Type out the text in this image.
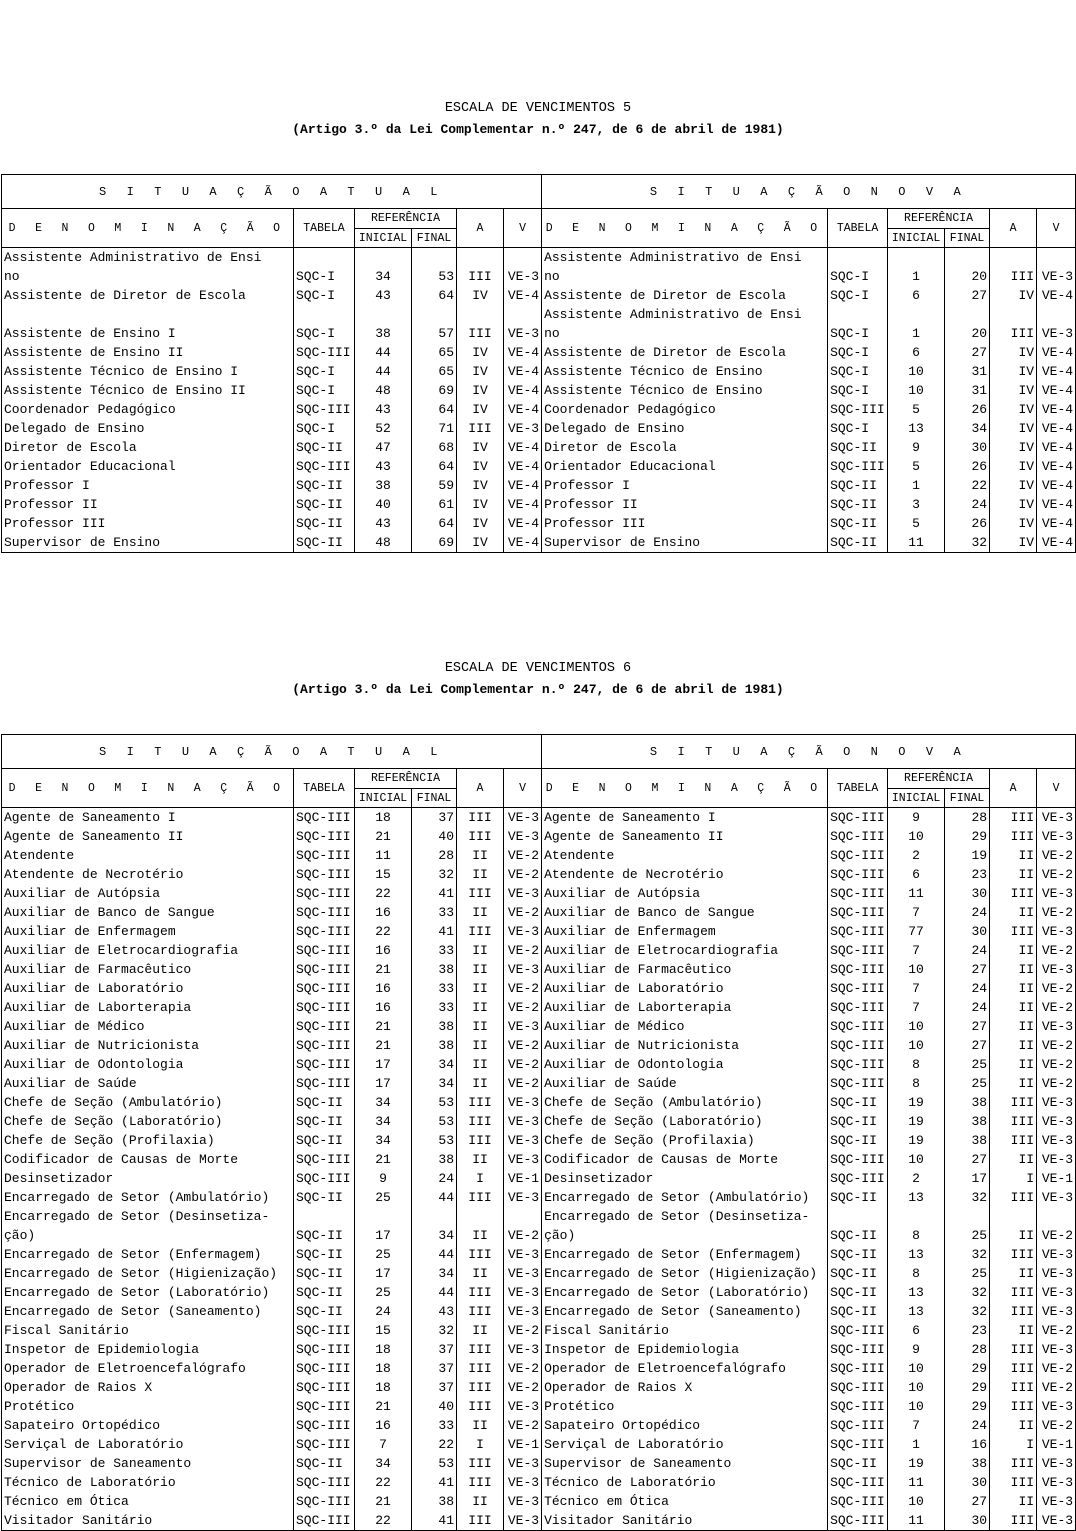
ESCALA DE VENCIMENTOS 5
(Artigo 3.º da Lei Complementar n.º 247, de 6 de abril de 1981)
S I T U A Ç Ã O A T U A L						S I T U A Ç Ã O N O V A					
D E N O M I N A Ç Ã O	TABELA	REFERÊNCIA		A	V	D E N O M I N A Ç Ã O	TABELA	REFERÊNCIA		A	V
		INICIAL	FINAL					INICIAL	FINAL		
Assistente Administrativo de Ensi						Assistente Administrativo de Ensi					
no	SQC-I	34	53	III	VE-3	no	SQC-I	1	20	III	VE-3
Assistente de Diretor de Escola	SQC-I	43	64	IV	VE-4	Assistente de Diretor de Escola	SQC-I	6	27	IV	VE-4
						Assistente Administrativo de Ensi					
Assistente de Ensino I	SQC-I	38	57	III	VE-3	no	SQC-I	1	20	III	VE-3
Assistente de Ensino II	SQC-III	44	65	IV	VE-4	Assistente de Diretor de Escola	SQC-I	6	27	IV	VE-4
Assistente Técnico de Ensino I	SQC-I	44	65	IV	VE-4	Assistente Técnico de Ensino	SQC-I	10	31	IV	VE-4
Assistente Técnico de Ensino II	SQC-I	48	69	IV	VE-4	Assistente Técnico de Ensino	SQC-I	10	31	IV	VE-4
Coordenador Pedagógico	SQC-III	43	64	IV	VE-4	Coordenador Pedagógico	SQC-III	5	26	IV	VE-4
Delegado de Ensino	SQC-I	52	71	III	VE-3	Delegado de Ensino	SQC-I	13	34	IV	VE-4
Diretor de Escola	SQC-II	47	68	IV	VE-4	Diretor de Escola	SQC-II	9	30	IV	VE-4
Orientador Educacional	SQC-III	43	64	IV	VE-4	Orientador Educacional	SQC-III	5	26	IV	VE-4
Professor I	SQC-II	38	59	IV	VE-4	Professor I	SQC-II	1	22	IV	VE-4
Professor II	SQC-II	40	61	IV	VE-4	Professor II	SQC-II	3	24	IV	VE-4
Professor III	SQC-II	43	64	IV	VE-4	Professor III	SQC-II	5	26	IV	VE-4
Supervisor de Ensino	SQC-II	48	69	IV	VE-4	Supervisor de Ensino	SQC-II	11	32	IV	VE-4
ESCALA DE VENCIMENTOS 6
(Artigo 3.º da Lei Complementar n.º 247, de 6 de abril de 1981)
S I T U A Ç Ã O A T U A L						S I T U A Ç Ã O N O V A					
D E N O M I N A Ç Ã O	TABELA	REFERÊNCIA		A	V	D E N O M I N A Ç Ã O	TABELA	REFERÊNCIA		A	V
		INICIAL	FINAL					INICIAL	FINAL		
Agente de Saneamento I	SQC-III	18	37	III	VE-3	Agente de Saneamento I	SQC-III	9	28	III	VE-3
Agente de Saneamento II	SQC-III	21	40	III	VE-3	Agente de Saneamento II	SQC-III	10	29	III	VE-3
Atendente	SQC-III	11	28	II	VE-2	Atendente	SQC-III	2	19	II	VE-2
Atendente de Necrotério	SQC-III	15	32	II	VE-2	Atendente de Necrotério	SQC-III	6	23	II	VE-2
Auxiliar de Autópsia	SQC-III	22	41	III	VE-3	Auxiliar de Autópsia	SQC-III	11	30	III	VE-3
Auxiliar de Banco de Sangue	SQC-III	16	33	II	VE-2	Auxiliar de Banco de Sangue	SQC-III	7	24	II	VE-2
Auxiliar de Enfermagem	SQC-III	22	41	III	VE-3	Auxiliar de Enfermagem	SQC-III	77	30	III	VE-3
Auxiliar de Eletrocardiografia	SQC-III	16	33	II	VE-2	Auxiliar de Eletrocardiografia	SQC-III	7	24	II	VE-2
Auxiliar de Farmacêutico	SQC-III	21	38	II	VE-3	Auxiliar de Farmacêutico	SQC-III	10	27	II	VE-3
Auxiliar de Laboratório	SQC-III	16	33	II	VE-2	Auxiliar de Laboratório	SQC-III	7	24	II	VE-2
Auxiliar de Laborterapia	SQC-III	16	33	II	VE-2	Auxiliar de Laborterapia	SQC-III	7	24	II	VE-2
Auxiliar de Médico	SQC-III	21	38	II	VE-3	Auxiliar de Médico	SQC-III	10	27	II	VE-3
Auxiliar de Nutricionista	SQC-III	21	38	II	VE-2	Auxiliar de Nutricionista	SQC-III	10	27	II	VE-2
Auxiliar de Odontologia	SQC-III	17	34	II	VE-2	Auxiliar de Odontologia	SQC-III	8	25	II	VE-2
Auxiliar de Saúde	SQC-III	17	34	II	VE-2	Auxiliar de Saúde	SQC-III	8	25	II	VE-2
Chefe de Seção (Ambulatório)	SQC-II	34	53	III	VE-3	Chefe de Seção (Ambulatório)	SQC-II	19	38	III	VE-3
Chefe de Seção (Laboratório)	SQC-II	34	53	III	VE-3	Chefe de Seção (Laboratório)	SQC-II	19	38	III	VE-3
Chefe de Seção (Profilaxia)	SQC-II	34	53	III	VE-3	Chefe de Seção (Profilaxia)	SQC-II	19	38	III	VE-3
Codificador de Causas de Morte	SQC-III	21	38	II	VE-3	Codificador de Causas de Morte	SQC-III	10	27	II	VE-3
Desinsetizador	SQC-III	9	24	I	VE-1	Desinsetizador	SQC-III	2	17	I	VE-1
Encarregado de Setor (Ambulatório)	SQC-II	25	44	III	VE-3	Encarregado de Setor (Ambulatório)	SQC-II	13	32	III	VE-3
Encarregado de Setor (Desinsetiza-						Encarregado de Setor (Desinsetiza-					
ção)	SQC-II	17	34	II	VE-2	ção)	SQC-II	8	25	II	VE-2
Encarregado de Setor (Enfermagem)	SQC-II	25	44	III	VE-3	Encarregado de Setor (Enfermagem)	SQC-II	13	32	III	VE-3
Encarregado de Setor (Higienização)	SQC-II	17	34	II	VE-3	Encarregado de Setor (Higienização)	SQC-II	8	25	II	VE-3
Encarregado de Setor (Laboratório)	SQC-II	25	44	III	VE-3	Encarregado de Setor (Laboratório)	SQC-II	13	32	III	VE-3
Encarregado de Setor (Saneamento)	SQC-II	24	43	III	VE-3	Encarregado de Setor (Saneamento)	SQC-II	13	32	III	VE-3
Fiscal Sanitário	SQC-III	15	32	II	VE-2	Fiscal Sanitário	SQC-III	6	23	II	VE-2
Inspetor de Epidemiologia	SQC-III	18	37	III	VE-3	Inspetor de Epidemiologia	SQC-III	9	28	III	VE-3
Operador de Eletroencefalógrafo	SQC-III	18	37	III	VE-2	Operador de Eletroencefalógrafo	SQC-III	10	29	III	VE-2
Operador de Raios X	SQC-III	18	37	III	VE-2	Operador de Raios X	SQC-III	10	29	III	VE-2
Protético	SQC-III	21	40	III	VE-3	Protético	SQC-III	10	29	III	VE-3
Sapateiro Ortopédico	SQC-III	16	33	II	VE-2	Sapateiro Ortopédico	SQC-III	7	24	II	VE-2
Serviçal de Laboratório	SQC-III	7	22	I	VE-1	Serviçal de Laboratório	SQC-III	1	16	I	VE-1
Supervisor de Saneamento	SQC-II	34	53	III	VE-3	Supervisor de Saneamento	SQC-II	19	38	III	VE-3
Técnico de Laboratório	SQC-III	22	41	III	VE-3	Técnico de Laboratório	SQC-III	11	30	III	VE-3
Técnico em Ótica	SQC-III	21	38	II	VE-3	Técnico em Ótica	SQC-III	10	27	II	VE-3
Visitador Sanitário	SQC-III	22	41	III	VE-3	Visitador Sanitário	SQC-III	11	30	III	VE-3
